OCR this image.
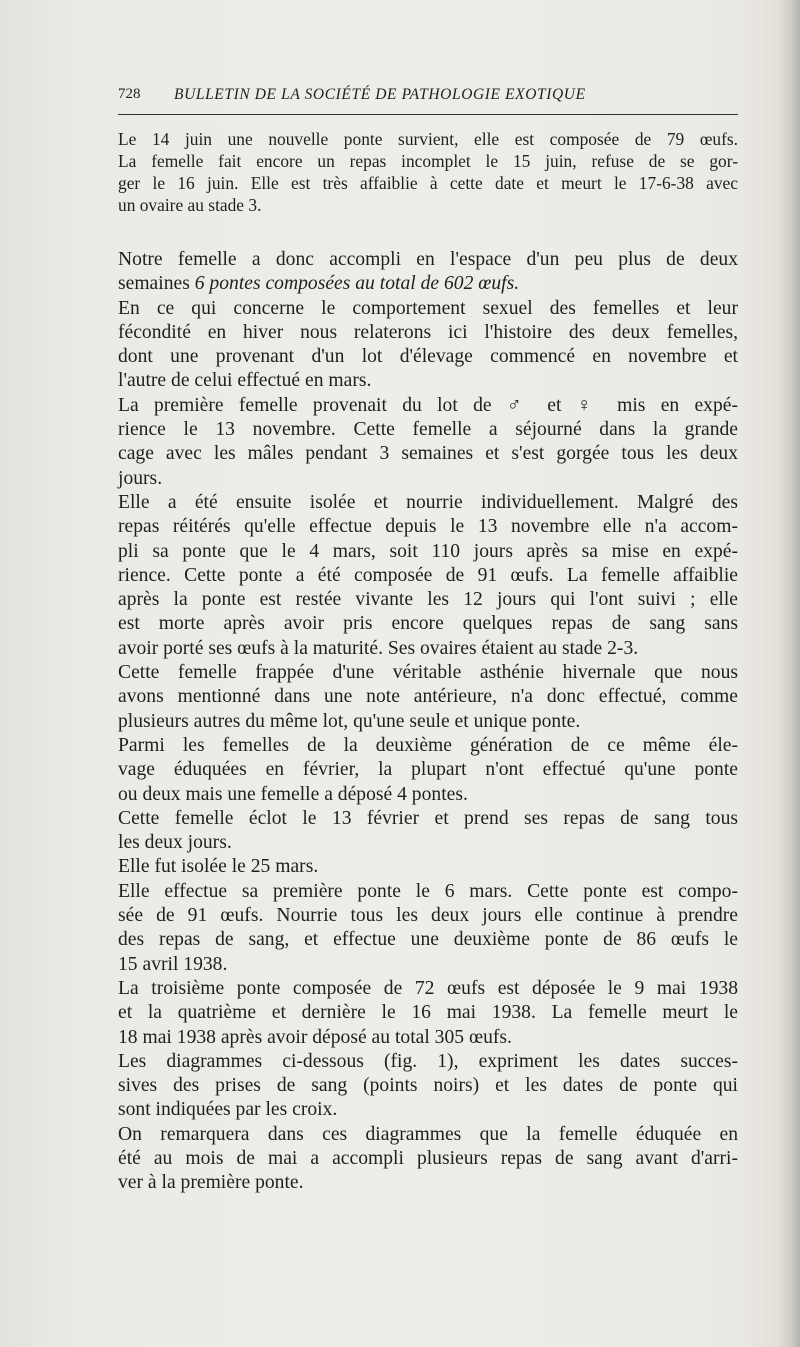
728 BULLETIN DE LA SOCIÉTÉ DE PATHOLOGIE EXOTIQUE
Le 14 juin une nouvelle ponte survient, elle est composée de 79 œufs.
La femelle fait encore un repas incomplet le 15 juin, refuse de se gor-
ger le 16 juin. Elle est très affaiblie à cette date et meurt le 17-6-38 avec
un ovaire au stade 3.
Notre femelle a donc accompli en l'espace d'un peu plus de deux
semaines 6 pontes composées au total de 602 œufs.
En ce qui concerne le comportement sexuel des femelles et leur
fécondité en hiver nous relaterons ici l'histoire des deux femelles,
dont une provenant d'un lot d'élevage commencé en novembre et
l'autre de celui effectué en mars.
La première femelle provenait du lot de ♂ et ♀ mis en expé-
rience le 13 novembre. Cette femelle a séjourné dans la grande
cage avec les mâles pendant 3 semaines et s'est gorgée tous les deux
jours.
Elle a été ensuite isolée et nourrie individuellement. Malgré des
repas réitérés qu'elle effectue depuis le 13 novembre elle n'a accom-
pli sa ponte que le 4 mars, soit 110 jours après sa mise en expé-
rience. Cette ponte a été composée de 91 œufs. La femelle affaiblie
après la ponte est restée vivante les 12 jours qui l'ont suivi ; elle
est morte après avoir pris encore quelques repas de sang sans
avoir porté ses œufs à la maturité. Ses ovaires étaient au stade 2-3.
Cette femelle frappée d'une véritable asthénie hivernale que nous
avons mentionné dans une note antérieure, n'a donc effectué, comme
plusieurs autres du même lot, qu'une seule et unique ponte.
Parmi les femelles de la deuxième génération de ce même éle-
vage éduquées en février, la plupart n'ont effectué qu'une ponte
ou deux mais une femelle a déposé 4 pontes.
Cette femelle éclot le 13 février et prend ses repas de sang tous
les deux jours.
Elle fut isolée le 25 mars.
Elle effectue sa première ponte le 6 mars. Cette ponte est compo-
sée de 91 œufs. Nourrie tous les deux jours elle continue à prendre
des repas de sang, et effectue une deuxième ponte de 86 œufs le
15 avril 1938.
La troisième ponte composée de 72 œufs est déposée le 9 mai 1938
et la quatrième et dernière le 16 mai 1938. La femelle meurt le
18 mai 1938 après avoir déposé au total 305 œufs.
Les diagrammes ci-dessous (fig. 1), expriment les dates succes-
sives des prises de sang (points noirs) et les dates de ponte qui
sont indiquées par les croix.
On remarquera dans ces diagrammes que la femelle éduquée en
été au mois de mai a accompli plusieurs repas de sang avant d'arri-
ver à la première ponte.
